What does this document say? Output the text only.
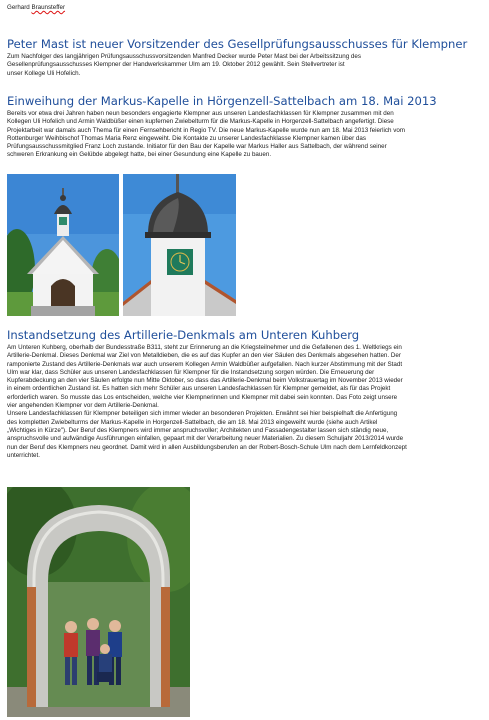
Gerhard Braunsteffer
Peter Mast ist neuer Vorsitzender des Gesellprüfungsausschusses für Klempner

Zum Nachfolger des langjährigen Prüfungsausschussvorsitzenden Manfred Decker wurde Peter Mast bei der Arbeitssitzung des

Gesellenprüfungsausschusses Klempner der Handwerkskammer Ulm am 19. Oktober 2012 gewählt. Sein Stellvertreter ist

unser Kollege Uli Hofelich.

Einweihung der Markus-Kapelle in Hörgenzell-Sattelbach am 18. Mai 2013

Bereits vor etwa drei Jahren haben neun besonders engagierte Klempner aus unseren Landesfachklassen für Klempner zusammen mit den

Kollegen Uli Hofelich und Armin Waldbüßer einen kupfernen Zwiebelturm für die Markus-Kapelle in Horgenzell-Sattelbach angefertigt. Diese

Projektarbeit war damals auch Thema für einen Fernsehbericht in Regio TV. Die neue Markus-Kapelle wurde nun am 18. Mai 2013 feierlich vom

Rottenburger Weihbischof Thomas Maria Renz eingeweiht. Die Kontakte zu unserer Landesfachklasse Klempner kamen über das

Prüfungsausschussmitglied Franz Loch zustande. Initiator für den Bau der Kapelle war Markus Haller aus Sattelbach, der während seiner

schweren Erkrankung ein Gelübde abgelegt hatte, bei einer Gesundung eine Kapelle zu bauen.

Instandsetzung des Artillerie-Denkmals am Unteren Kuhberg

Am Unteren Kuhberg, oberhalb der Bundesstraße B311, steht zur Erinnerung an die Kriegsteilnehmer und die Gefallenen des 1. Weltkriegs ein

Artillerie-Denkmal. Dieses Denkmal war Ziel von Metalldieben, die es auf das Kupfer an den vier Säulen des Denkmals abgesehen hatten. Der

ramponierte Zustand des Artillerie-Denkmals war auch unserem Kollegen Armin Waldbüßer aufgefallen. Nach kurzer Abstimmung mit der Stadt

Ulm war klar, dass Schüler aus unseren Landesfachklassen für Klempner für die Instandsetzung sorgen würden. Die Erneuerung der

Kupferabdeckung an den vier Säulen erfolgte nun Mitte Oktober, so dass das Artillerie-Denkmal beim Volkstrauertag im November 2013 wieder

in einem ordentlichen Zustand ist. Es hatten sich mehr Schüler aus unseren Landesfachklassen für Klempner gemeldet, als für das Projekt

erforderlich waren. So musste das Los entscheiden, welche vier Klempnerinnen und Klempner mit dabei sein konnten. Das Foto zeigt unsere

vier angehenden Klempner vor dem Artillerie-Denkmal.

Unsere Landesfachklassen für Klempner beteiligen sich immer wieder an besonderen Projekten. Erwähnt sei hier beispielhaft die Anfertigung

des kompletten Zwiebelturms der Markus-Kapelle in Horgenzell-Sattelbach, die am 18. Mai 2013 eingeweiht wurde (siehe auch Artikel

„Wichtiges in Kürze"). Der Beruf des Klempners wird immer anspruchsvoller; Architekten und Fassadengestalter lassen sich ständig neue,

anspruchsvolle und aufwändige Ausführungen einfallen, gepaart mit der Verarbeitung neuer Materialien. Zu diesem Schuljahr 2013/2014 wurde

nun der Beruf des Klempners neu geordnet. Damit wird in allen Ausbildungsberufen an der Robert-Bosch-Schule Ulm nach dem Lernfeldkonzept

unterrichtet.
